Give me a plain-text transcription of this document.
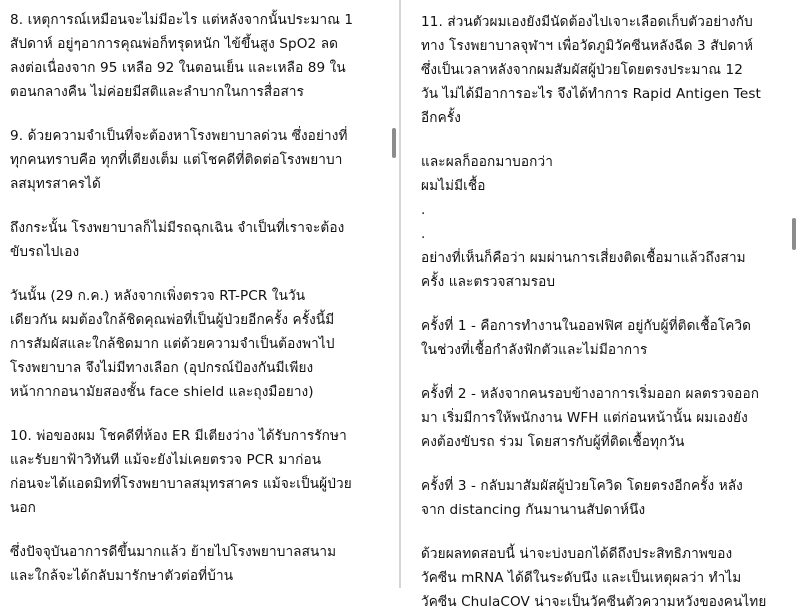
8. เหตุการณ์เหมือนจะไม่มีอะไร แต่หลังจากนั้นประมาณ 1
สัปดาห์ อยู่ๆอาการคุณพ่อก็ทรุดหนัก ไข้ขึ้นสูง SpO2 ลด
ลงต่อเนื่องจาก 95 เหลือ 92 ในตอนเย็น และเหลือ 89 ใน
ตอนกลางคืน ไม่ค่อยมีสติและลำบากในการสื่อสาร

9. ด้วยความจำเป็นที่จะต้องหาโรงพยาบาลด่วน ซึ่งอย่างที่
ทุกคนทราบคือ ทุกที่เตียงเต็ม แต่โชคดีที่ติดต่อโรงพยาบา
ลสมุทรสาครได้

ถึงกระนั้น โรงพยาบาลก็ไม่มีรถฉุกเฉิน จำเป็นที่เราจะต้อง
ขับรถไปเอง

วันนั้น (29 ก.ค.) หลังจากเพิ่งตรวจ RT-PCR ในวัน
เดียวกัน ผมต้องใกล้ชิดคุณพ่อที่เป็นผู้ป่วยอีกครั้ง ครั้งนี้มี
การสัมผัสและใกล้ชิดมาก แต่ด้วยความจำเป็นต้องพาไป
โรงพยาบาล จึงไม่มีทางเลือก (อุปกรณ์ป้องกันมีเพียง
หน้ากากอนามัยสองชั้น face shield และถุงมือยาง)

10. พ่อของผม โชคดีที่ห้อง ER มีเตียงว่าง ได้รับการรักษา
และรับยาฟ้าวิทันที แม้จะยังไม่เคยตรวจ PCR มาก่อน
ก่อนจะได้แอดมิทที่โรงพยาบาลสมุทรสาคร แม้จะเป็นผู้ป่วย
นอก

ซึ่งปัจจุบันอาการดีขึ้นมากแล้ว ย้ายไปโรงพยาบาลสนาม
และใกล้จะได้กลับมารักษาตัวต่อที่บ้าน

11. ส่วนตัวผมเองยังมีนัดต้องไปเจาะเลือดเก็บตัวอย่างกับ
ทาง โรงพยาบาลจุฬาฯ เพื่อวัดภูมิวัคซีนหลังฉีด 3 สัปดาห์
ซึ่งเป็นเวลาหลังจากผมสัมผัสผู้ป่วยโดยตรงประมาณ 12
วัน ไม่ได้มีอาการอะไร จึงได้ทำการ Rapid Antigen Test
อีกครั้ง

และผลก็ออกมาบอกว่า
ผมไม่มีเชื้อ
.
.

อย่างที่เห็นก็คือว่า ผมผ่านการเสี่ยงติดเชื้อมาแล้วถึงสาม
ครั้ง และตรวจสามรอบ

ครั้งที่ 1 - คือการทำงานในออฟฟิศ อยู่กับผู้ที่ติดเชื้อโควิด
ในช่วงที่เชื้อกำลังฟักตัวและไม่มีอาการ

ครั้งที่ 2 - หลังจากคนรอบข้างอาการเริ่มออก ผลตรวจออก
มา เริ่มมีการให้พนักงาน WFH แต่ก่อนหน้านั้น ผมเองยัง
คงต้องขับรถ ร่วม โดยสารกับผู้ที่ติดเชื้อทุกวัน

ครั้งที่ 3 - กลับมาสัมผัสผู้ป่วยโควิด โดยตรงอีกครั้ง หลัง
จาก distancing กันมานานสัปดาห์นึง

ด้วยผลทดสอบนี้ น่าจะบ่งบอกได้ดีถึงประสิทธิภาพของ
วัคซีน mRNA ได้ดีในระดับนึง และเป็นเหตุผลว่า ทำไม
วัคซีน ChulaCOV น่าจะเป็นวัคซีนตัวความหวังของคนไทย
